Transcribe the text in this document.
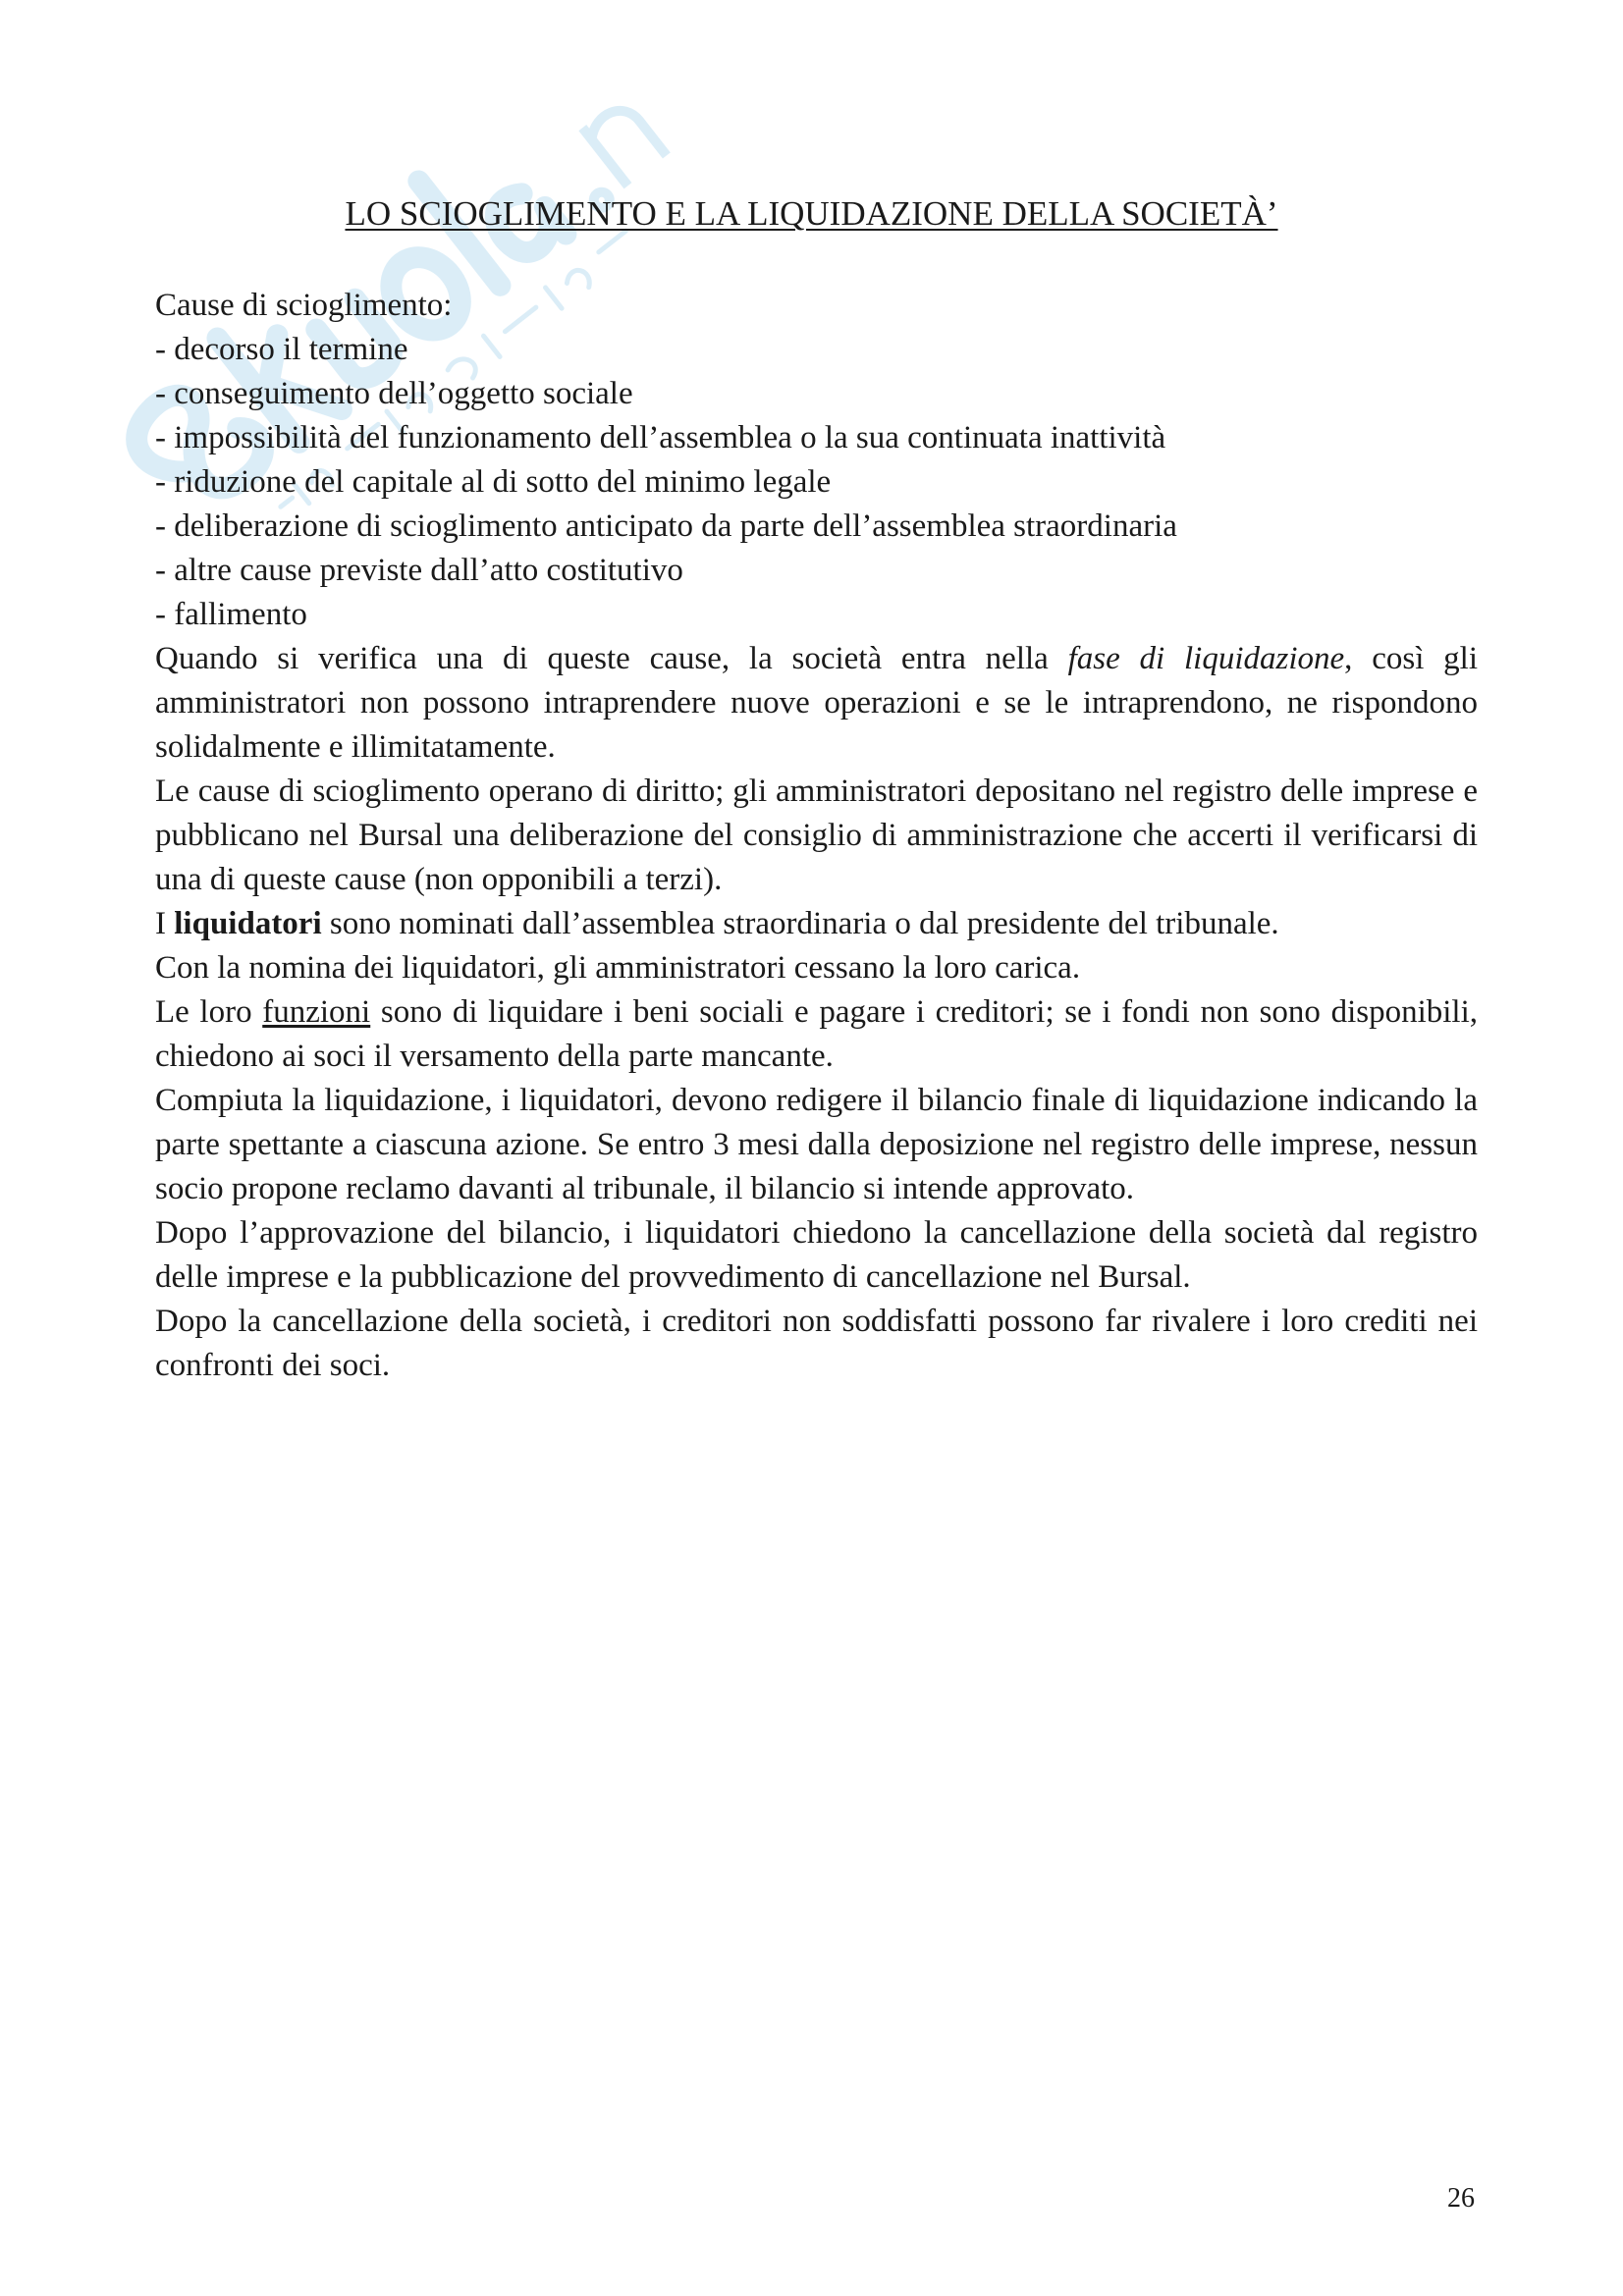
LO SCIOGLIMENTO E LA LIQUIDAZIONE DELLA SOCIETÀ’

Cause di scioglimento:

- decorso il termine

- conseguimento dell’oggetto sociale

- impossibilità del funzionamento dell’assemblea o la sua continuata inattività

- riduzione del capitale al di sotto del minimo legale

- deliberazione di scioglimento anticipato da parte dell’assemblea straordinaria

- altre cause previste dall’atto costitutivo

- fallimento

Quando si verifica una di queste cause, la società entra nella fase di liquidazione, così gli amministratori non possono intraprendere nuove operazioni e se le intraprendono, ne rispondono solidalmente e illimitatamente.

Le cause di scioglimento operano di diritto; gli amministratori depositano nel registro delle imprese e pubblicano nel Bursal una deliberazione del consiglio di amministrazione che accerti il verificarsi di una di queste cause (non opponibili a terzi).

I liquidatori sono nominati dall’assemblea straordinaria o dal presidente del tribunale.

Con la nomina dei liquidatori, gli amministratori cessano la loro carica.

Le loro funzioni sono di liquidare i beni sociali e pagare i creditori; se i fondi non sono disponibili, chiedono ai soci il versamento della parte mancante.

Compiuta la liquidazione, i liquidatori, devono redigere il bilancio finale di liquidazione indicando la parte spettante a ciascuna azione. Se entro 3 mesi dalla deposizione nel registro delle imprese, nessun socio propone reclamo davanti al tribunale, il bilancio si intende approvato.

Dopo l’approvazione del bilancio, i liquidatori chiedono la cancellazione della società dal registro delle imprese e la pubblicazione del provvedimento di cancellazione nel Bursal.

Dopo la cancellazione della società, i creditori non soddisfatti possono far rivalere i loro crediti nei confronti dei soci.

26
